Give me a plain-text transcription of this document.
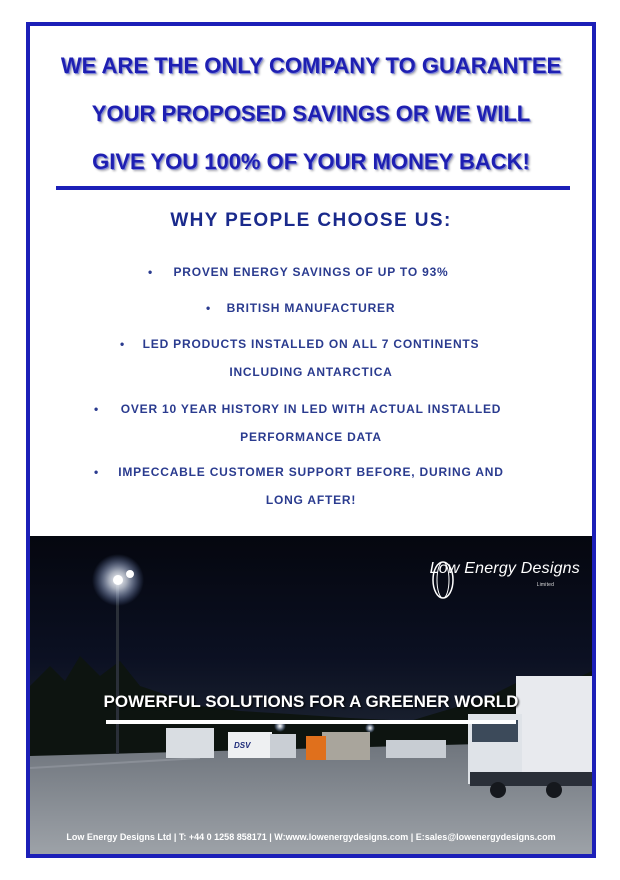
WE ARE THE ONLY COMPANY TO GUARANTEE
YOUR PROPOSED SAVINGS OR WE WILL
GIVE YOU 100% OF YOUR MONEY BACK!
WHY PEOPLE CHOOSE US:
• PROVEN ENERGY SAVINGS OF UP TO 93%
• BRITISH MANUFACTURER
• LED PRODUCTS INSTALLED ON ALL 7 CONTINENTS
INCLUDING ANTARCTICA
• OVER 10 YEAR HISTORY IN LED WITH ACTUAL INSTALLED
PERFORMANCE DATA
• IMPECCABLE CUSTOMER SUPPORT BEFORE, DURING AND
LONG AFTER!
DSV
Low Energy Designs
Limited
POWERFUL SOLUTIONS FOR A GREENER WORLD
Low Energy Designs Ltd | T: +44 0 1258 858171 | W:www.lowenergydesigns.com | E:sales@lowenergydesigns.com
